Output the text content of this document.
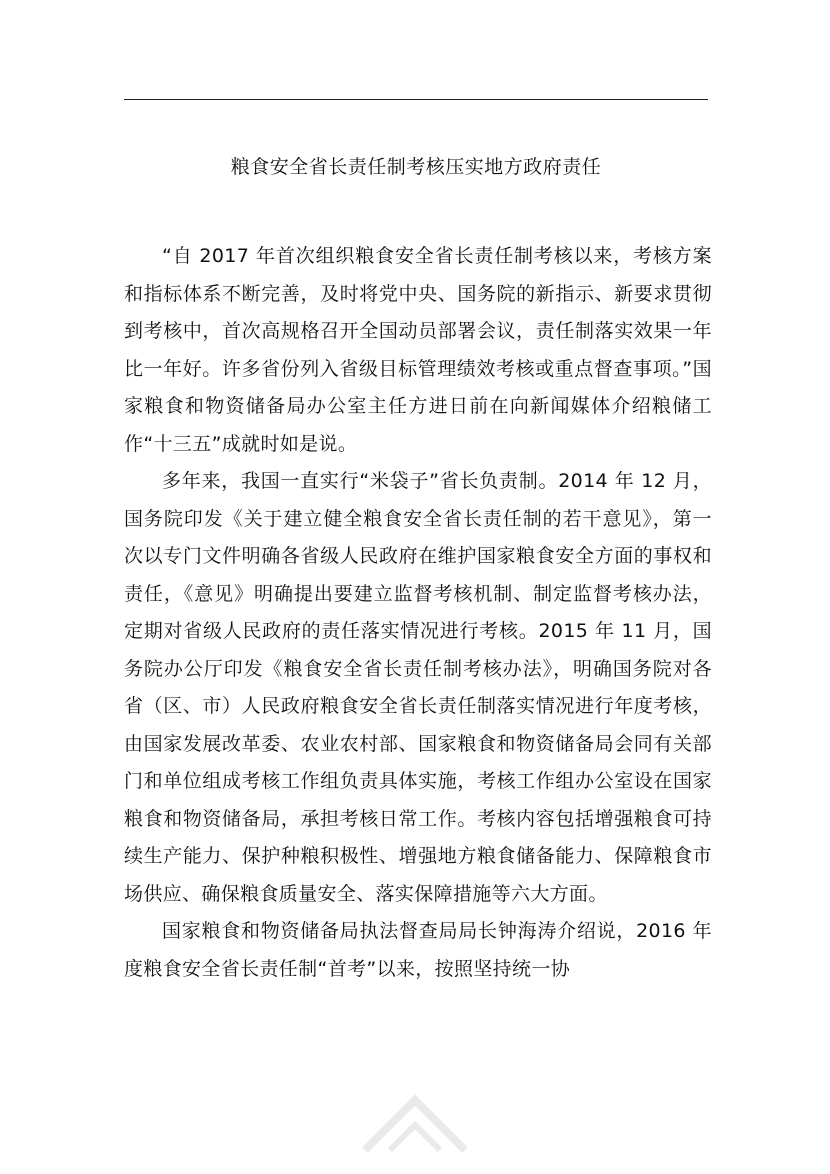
粮食安全省长责任制考核压实地方政府责任

“自 2017 年首次组织粮食安全省长责任制考核以来，考核方案和指标体系不断完善，及时将党中央、国务院的新指示、新要求贯彻到考核中，首次高规格召开全国动员部署会议，责任制落实效果一年比一年好。许多省份列入省级目标管理绩效考核或重点督查事项。”国家粮食和物资储备局办公室主任方进日前在向新闻媒体介绍粮储工作“十三五”成就时如是说。

多年来，我国一直实行“米袋子”省长负责制。2014 年 12 月，国务院印发《关于建立健全粮食安全省长责任制的若干意见》，第一次以专门文件明确各省级人民政府在维护国家粮食安全方面的事权和责任，《意见》明确提出要建立监督考核机制、制定监督考核办法，定期对省级人民政府的责任落实情况进行考核。2015 年 11 月，国务院办公厅印发《粮食安全省长责任制考核办法》，明确国务院对各省（区、市）人民政府粮食安全省长责任制落实情况进行年度考核，由国家发展改革委、农业农村部、国家粮食和物资储备局会同有关部门和单位组成考核工作组负责具体实施，考核工作组办公室设在国家粮食和物资储备局，承担考核日常工作。考核内容包括增强粮食可持续生产能力、保护种粮积极性、增强地方粮食储备能力、保障粮食市场供应、确保粮食质量安全、落实保障措施等六大方面。

国家粮食和物资储备局执法督查局局长钟海涛介绍说，2016 年度粮食安全省长责任制“首考”以来，按照坚持统一协
